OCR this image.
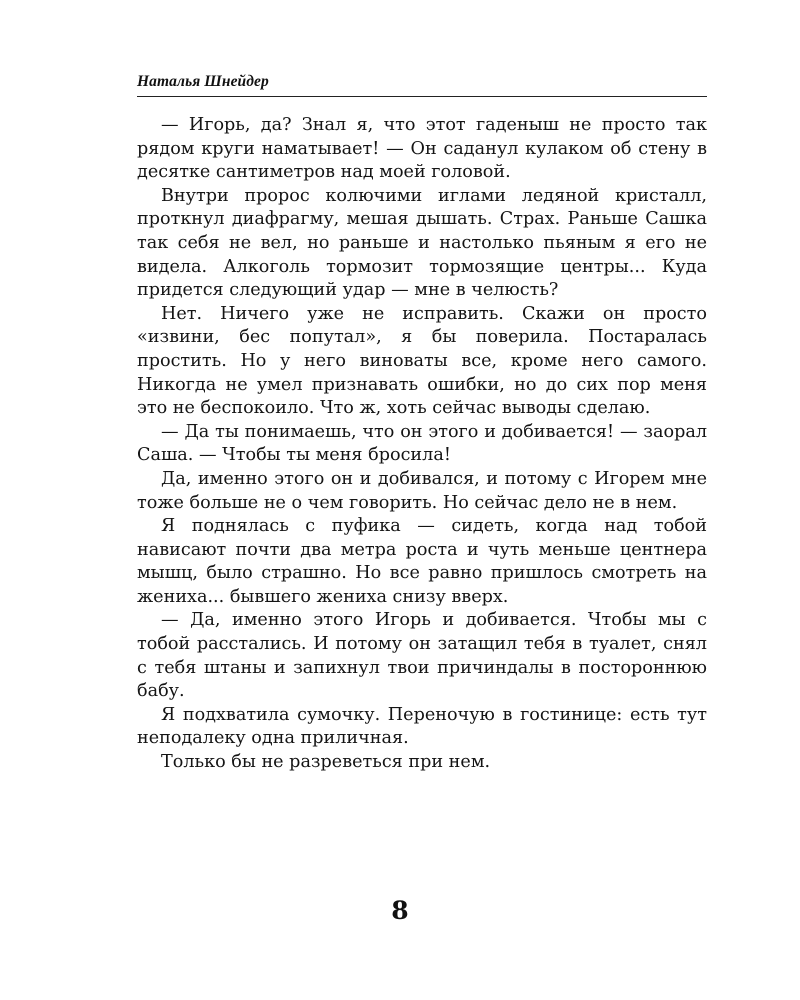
Наталья Шнейдер

— Игорь, да? Знал я, что этот гаденыш не просто так рядом круги наматывает! — Он саданул кулаком об стену в десятке сантиметров над моей головой.

Внутри пророс колючими иглами ледяной кристалл, проткнул диафрагму, мешая дышать. Страх. Раньше Сашка так себя не вел, но раньше и настолько пьяным я его не видела. Алкоголь тормозит тормозящие центры... Куда придется следующий удар — мне в челюсть?

Нет. Ничего уже не исправить. Скажи он просто «извини, бес попутал», я бы поверила. Постаралась простить. Но у него виноваты все, кроме него самого. Никогда не умел признавать ошибки, но до сих пор меня это не беспокоило. Что ж, хоть сейчас выводы сделаю.

— Да ты понимаешь, что он этого и добивается! — заорал Саша. — Чтобы ты меня бросила!

Да, именно этого он и добивался, и потому с Игорем мне тоже больше не о чем говорить. Но сейчас дело не в нем.

Я поднялась с пуфика — сидеть, когда над тобой нависают почти два метра роста и чуть меньше центнера мышц, было страшно. Но все равно пришлось смотреть на жениха... бывшего жениха снизу вверх.

— Да, именно этого Игорь и добивается. Чтобы мы с тобой расстались. И потому он затащил тебя в туалет, снял с тебя штаны и запихнул твои причиндалы в постороннюю бабу.

Я подхватила сумочку. Переночую в гостинице: есть тут неподалеку одна приличная.

Только бы не разреветься при нем.

8
